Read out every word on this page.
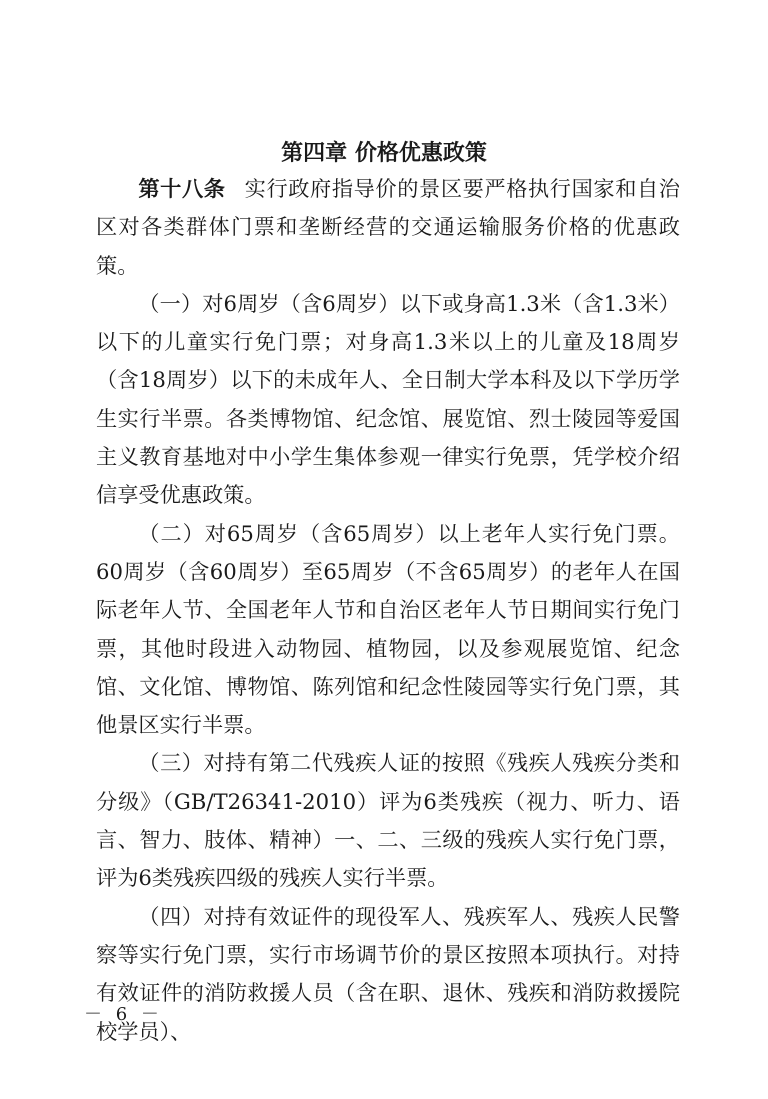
第四章 价格优惠政策

第十八条 实行政府指导价的景区要严格执行国家和自治区对各类群体门票和垄断经营的交通运输服务价格的优惠政策。

（一）对6周岁（含6周岁）以下或身高1.3米（含1.3米）以下的儿童实行免门票；对身高1.3米以上的儿童及18周岁（含18周岁）以下的未成年人、全日制大学本科及以下学历学生实行半票。各类博物馆、纪念馆、展览馆、烈士陵园等爱国主义教育基地对中小学生集体参观一律实行免票，凭学校介绍信享受优惠政策。

（二）对65周岁（含65周岁）以上老年人实行免门票。60周岁（含60周岁）至65周岁（不含65周岁）的老年人在国际老年人节、全国老年人节和自治区老年人节日期间实行免门票，其他时段进入动物园、植物园，以及参观展览馆、纪念馆、文化馆、博物馆、陈列馆和纪念性陵园等实行免门票，其他景区实行半票。

（三）对持有第二代残疾人证的按照《残疾人残疾分类和分级》（GB/T26341-2010）评为6类残疾（视力、听力、语言、智力、肢体、精神）一、二、三级的残疾人实行免门票，评为6类残疾四级的残疾人实行半票。

（四）对持有效证件的现役军人、残疾军人、残疾人民警察等实行免门票，实行市场调节价的景区按照本项执行。对持有效证件的消防救援人员（含在职、退休、残疾和消防救援院校学员）、

－ 6 －
